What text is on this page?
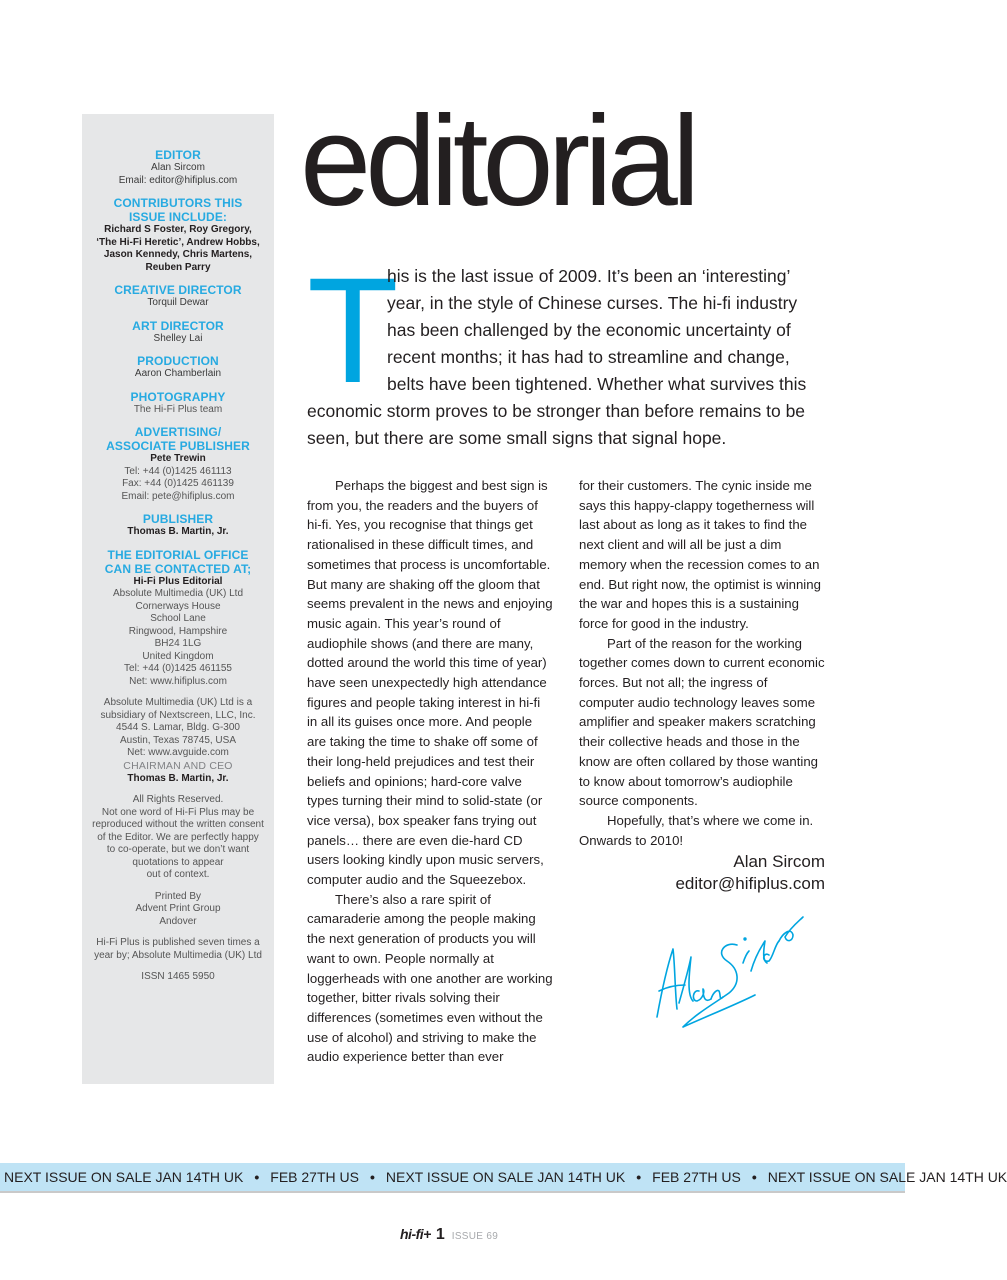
EDITOR
Alan Sircom
Email: editor@hifiplus.com
CONTRIBUTORS THIS
ISSUE INCLUDE:
Richard S Foster, Roy Gregory,
‘The Hi-Fi Heretic’, Andrew Hobbs,
Jason Kennedy, Chris Martens,
Reuben Parry
CREATIVE DIRECTOR
Torquil Dewar
ART DIRECTOR
Shelley Lai
PRODUCTION
Aaron Chamberlain
PHOTOGRAPHY
The Hi-Fi Plus team
ADVERTISING/
ASSOCIATE PUBLISHER
Pete Trewin
Tel: +44 (0)1425 461113
Fax: +44 (0)1425 461139
Email: pete@hifiplus.com
PUBLISHER
Thomas B. Martin, Jr.
THE EDITORIAL OFFICE
CAN BE CONTACTED AT;
Hi-Fi Plus Editorial
Absolute Multimedia (UK) Ltd
Cornerways House
School Lane
Ringwood, Hampshire
BH24 1LG
United Kingdom
Tel: +44 (0)1425 461155
Net: www.hifiplus.com
Absolute Multimedia (UK) Ltd is a
subsidiary of Nextscreen, LLC, Inc.
4544 S. Lamar, Bldg. G-300
Austin, Texas 78745, USA
Net: www.avguide.com
CHAIRMAN AND CEO
Thomas B. Martin, Jr.
All Rights Reserved.
Not one word of Hi-Fi Plus may be
reproduced without the written consent
of the Editor. We are perfectly happy
to co-operate, but we don’t want
quotations to appear
out of context.
Printed By
Advent Print Group
Andover
Hi-Fi Plus is published seven times a
year by; Absolute Multimedia (UK) Ltd
ISSN 1465 5950
editorial
T
his is the last issue of 2009. It’s been an ‘interesting’ year, in the style of Chinese curses. The hi-fi industry has been challenged by the economic uncertainty of recent months; it has had to streamline and change, belts have been tightened. Whether what survives this economic storm proves to be stronger than before remains to be seen, but there are some small signs that signal hope.

Perhaps the biggest and best sign is from you, the readers and the buyers of hi-fi. Yes, you recognise that things get rationalised in these difficult times, and sometimes that process is uncomfortable. But many are shaking off the gloom that seems prevalent in the news and enjoying music again. This year’s round of audiophile shows (and there are many, dotted around the world this time of year) have seen unexpectedly high attendance figures and people taking interest in hi-fi in all its guises once more. And people are taking the time to shake off some of their long-held prejudices and test their beliefs and opinions; hard-core valve types turning their mind to solid-state (or vice versa), box speaker fans trying out panels… there are even die-hard CD users looking kindly upon music servers, computer audio and the Squeezebox.

There’s also a rare spirit of camaraderie among the people making the next generation of products you will want to own. People normally at loggerheads with one another are working together, bitter rivals solving their differences (sometimes even without the use of alcohol) and striving to make the audio experience better than ever

for their customers. The cynic inside me says this happy-clappy togetherness will last about as long as it takes to find the next client and will all be just a dim memory when the recession comes to an end. But right now, the optimist is winning the war and hopes this is a sustaining force for good in the industry.

Part of the reason for the working together comes down to current economic forces. But not all; the ingress of computer audio technology leaves some amplifier and speaker makers scratching their collective heads and those in the know are often collared by those wanting to know about tomorrow’s audiophile source components.

Hopefully, that’s where we come in. Onwards to 2010!

Alan Sircom
editor@hifiplus.com
NEXT ISSUE ON SALE JAN 14TH UK • FEB 27TH US • NEXT ISSUE ON SALE JAN 14TH UK • FEB 27TH US • NEXT ISSUE ON SALE JAN 14TH UK
hi-fi+ 1 ISSUE 69
